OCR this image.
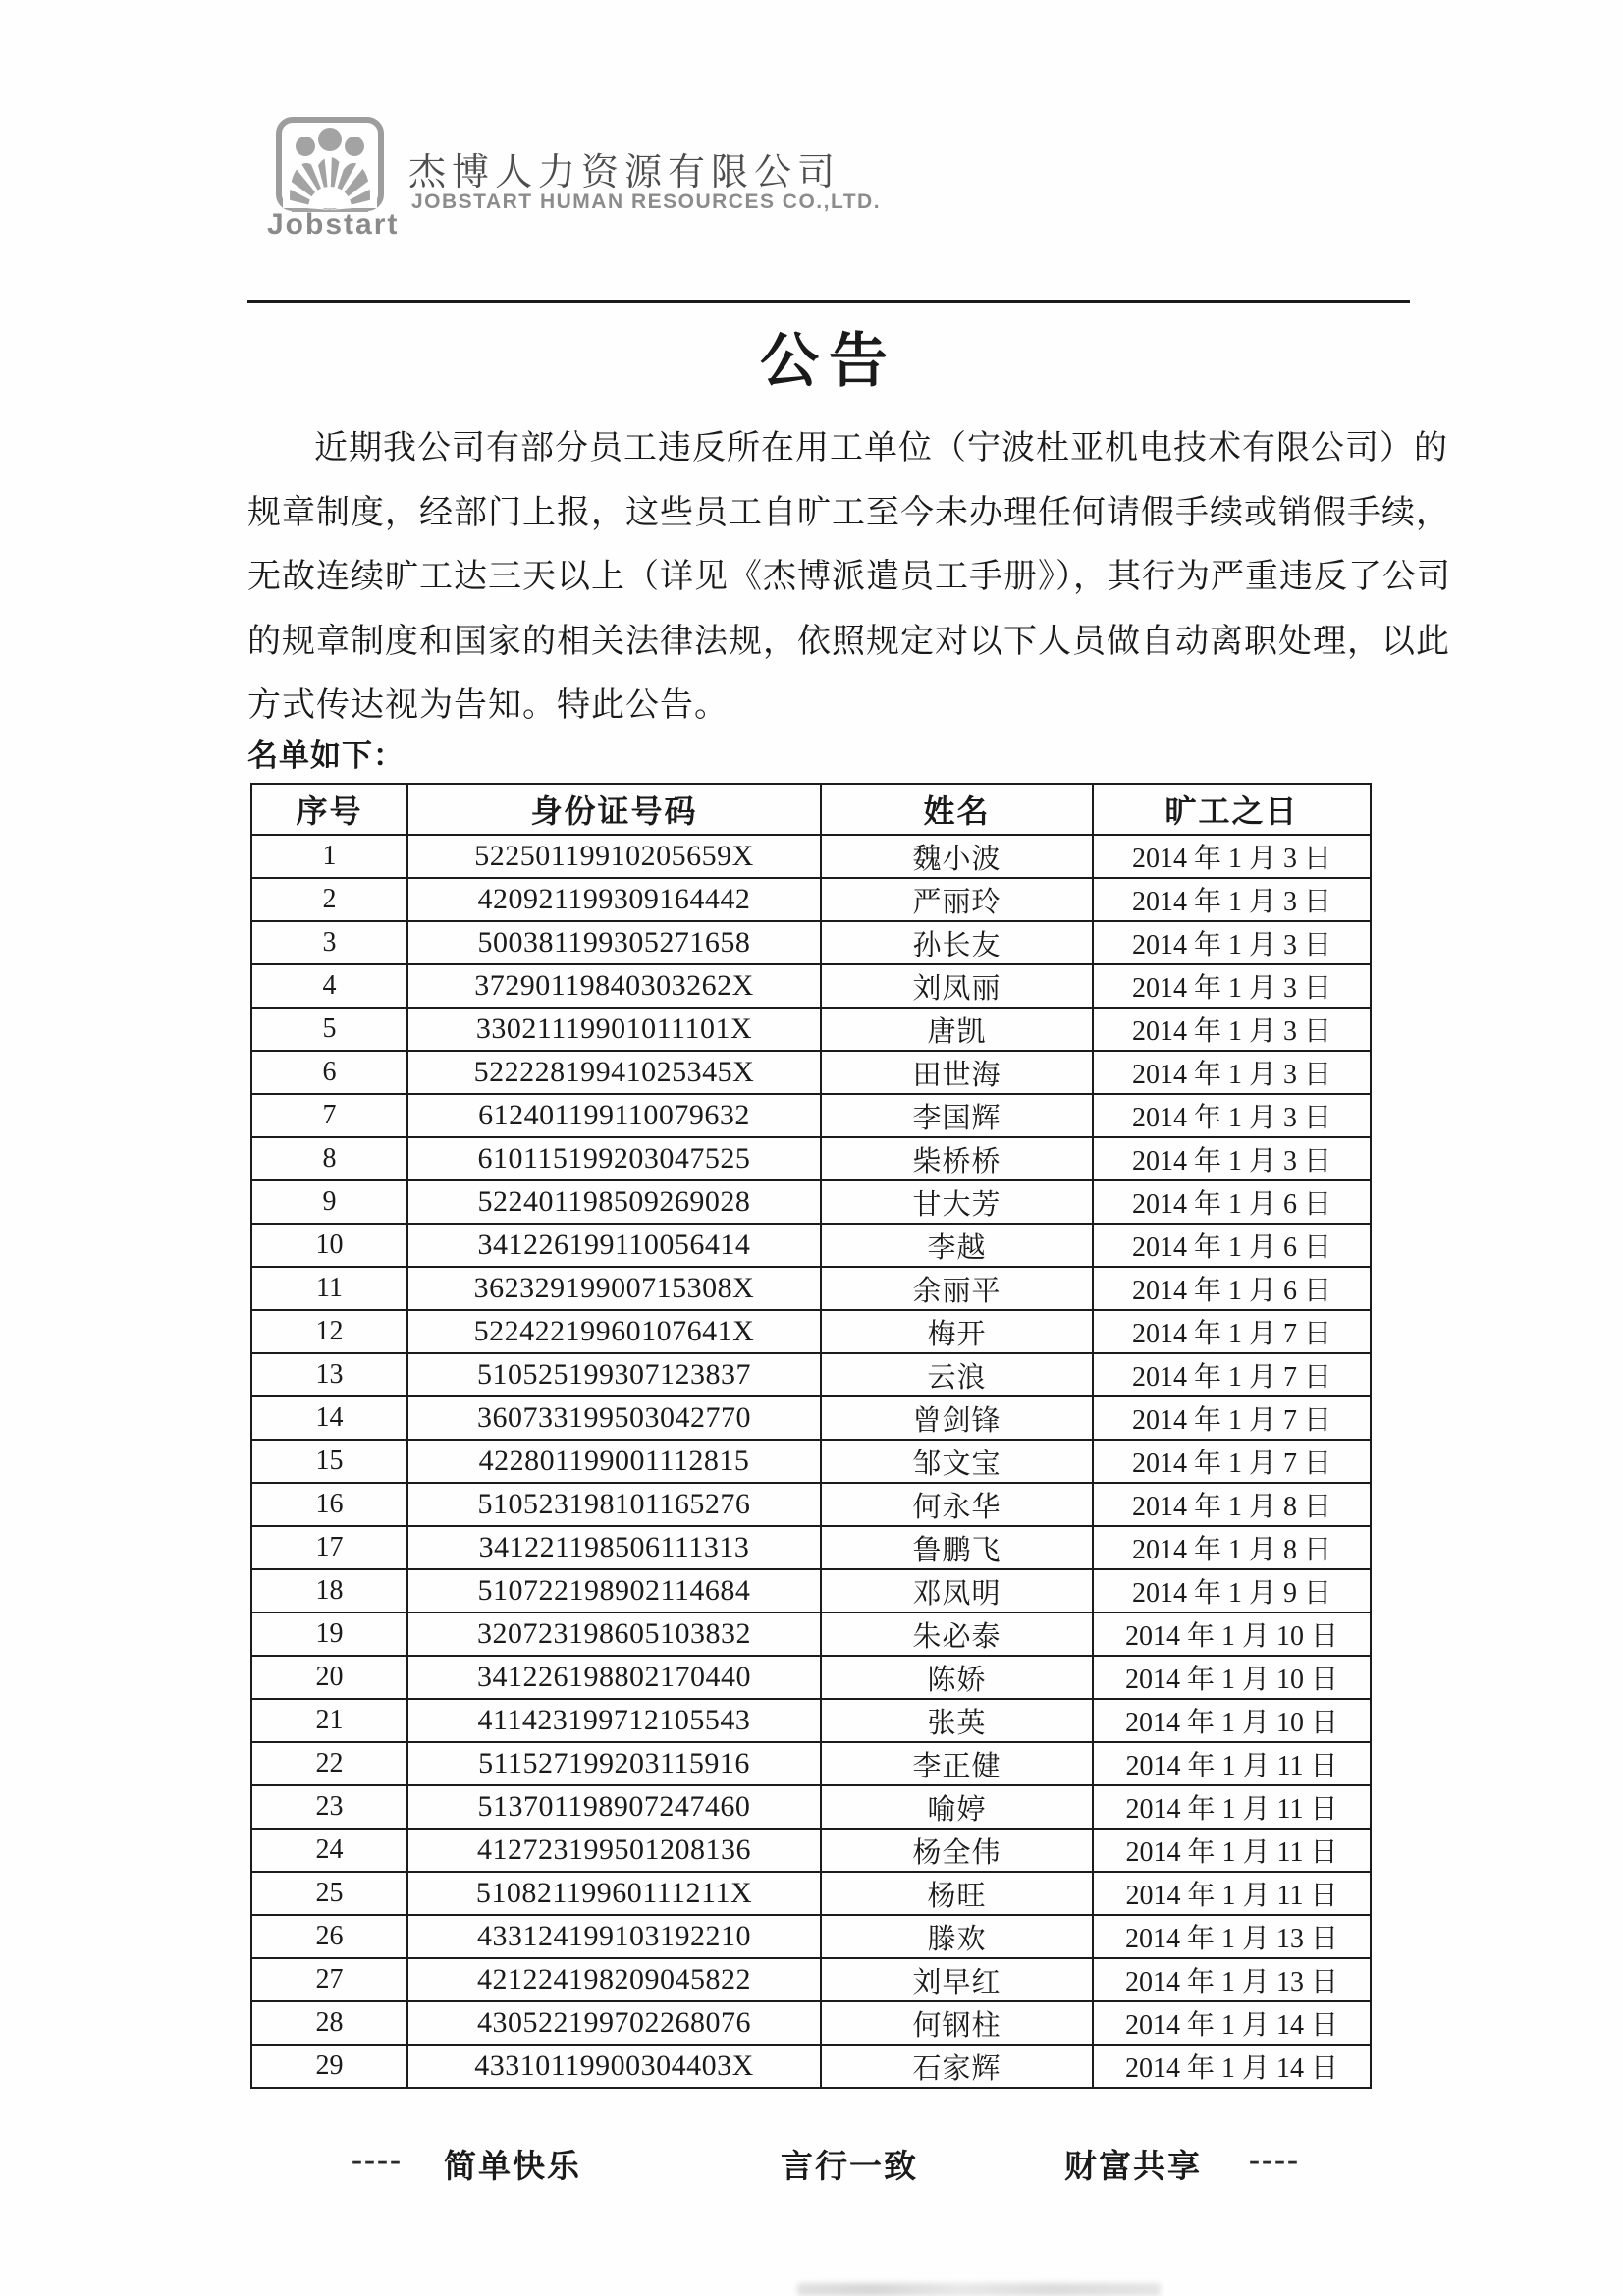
Jobstart
杰博人力资源有限公司
JOBSTART HUMAN RESOURCES CO.,LTD.
公告
近期我公司有部分员工违反所在用工单位（宁波杜亚机电技术有限公司）的
规章制度，经部门上报，这些员工自旷工至今未办理任何请假手续或销假手续，
无故连续旷工达三天以上（详见《杰博派遣员工手册》），其行为严重违反了公司
的规章制度和国家的相关法律法规，依照规定对以下人员做自动离职处理，以此
方式传达视为告知。特此公告。
名单如下：
序号	身份证号码	姓名	旷工之日
1	52250119910205659X	魏小波	2014 年 1 月 3 日
2	420921199309164442	严丽玲	2014 年 1 月 3 日
3	500381199305271658	孙长友	2014 年 1 月 3 日
4	37290119840303262X	刘凤丽	2014 年 1 月 3 日
5	33021119901011101X	唐凯	2014 年 1 月 3 日
6	52222819941025345X	田世海	2014 年 1 月 3 日
7	612401199110079632	李国辉	2014 年 1 月 3 日
8	610115199203047525	柴桥桥	2014 年 1 月 3 日
9	522401198509269028	甘大芳	2014 年 1 月 6 日
10	341226199110056414	李越	2014 年 1 月 6 日
11	36232919900715308X	余丽平	2014 年 1 月 6 日
12	52242219960107641X	梅开	2014 年 1 月 7 日
13	510525199307123837	云浪	2014 年 1 月 7 日
14	360733199503042770	曾剑锋	2014 年 1 月 7 日
15	422801199001112815	邹文宝	2014 年 1 月 7 日
16	510523198101165276	何永华	2014 年 1 月 8 日
17	341221198506111313	鲁鹏飞	2014 年 1 月 8 日
18	510722198902114684	邓凤明	2014 年 1 月 9 日
19	320723198605103832	朱必泰	2014 年 1 月 10 日
20	341226198802170440	陈娇	2014 年 1 月 10 日
21	411423199712105543	张英	2014 年 1 月 10 日
22	511527199203115916	李正健	2014 年 1 月 11 日
23	513701198907247460	喻婷	2014 年 1 月 11 日
24	412723199501208136	杨全伟	2014 年 1 月 11 日
25	51082119960111211X	杨旺	2014 年 1 月 11 日
26	433124199103192210	滕欢	2014 年 1 月 13 日
27	421224198209045822	刘早红	2014 年 1 月 13 日
28	430522199702268076	何钢柱	2014 年 1 月 14 日
29	43310119900304403X	石家辉	2014 年 1 月 14 日
---- 简单快乐	言行一致	财富共享 ----
